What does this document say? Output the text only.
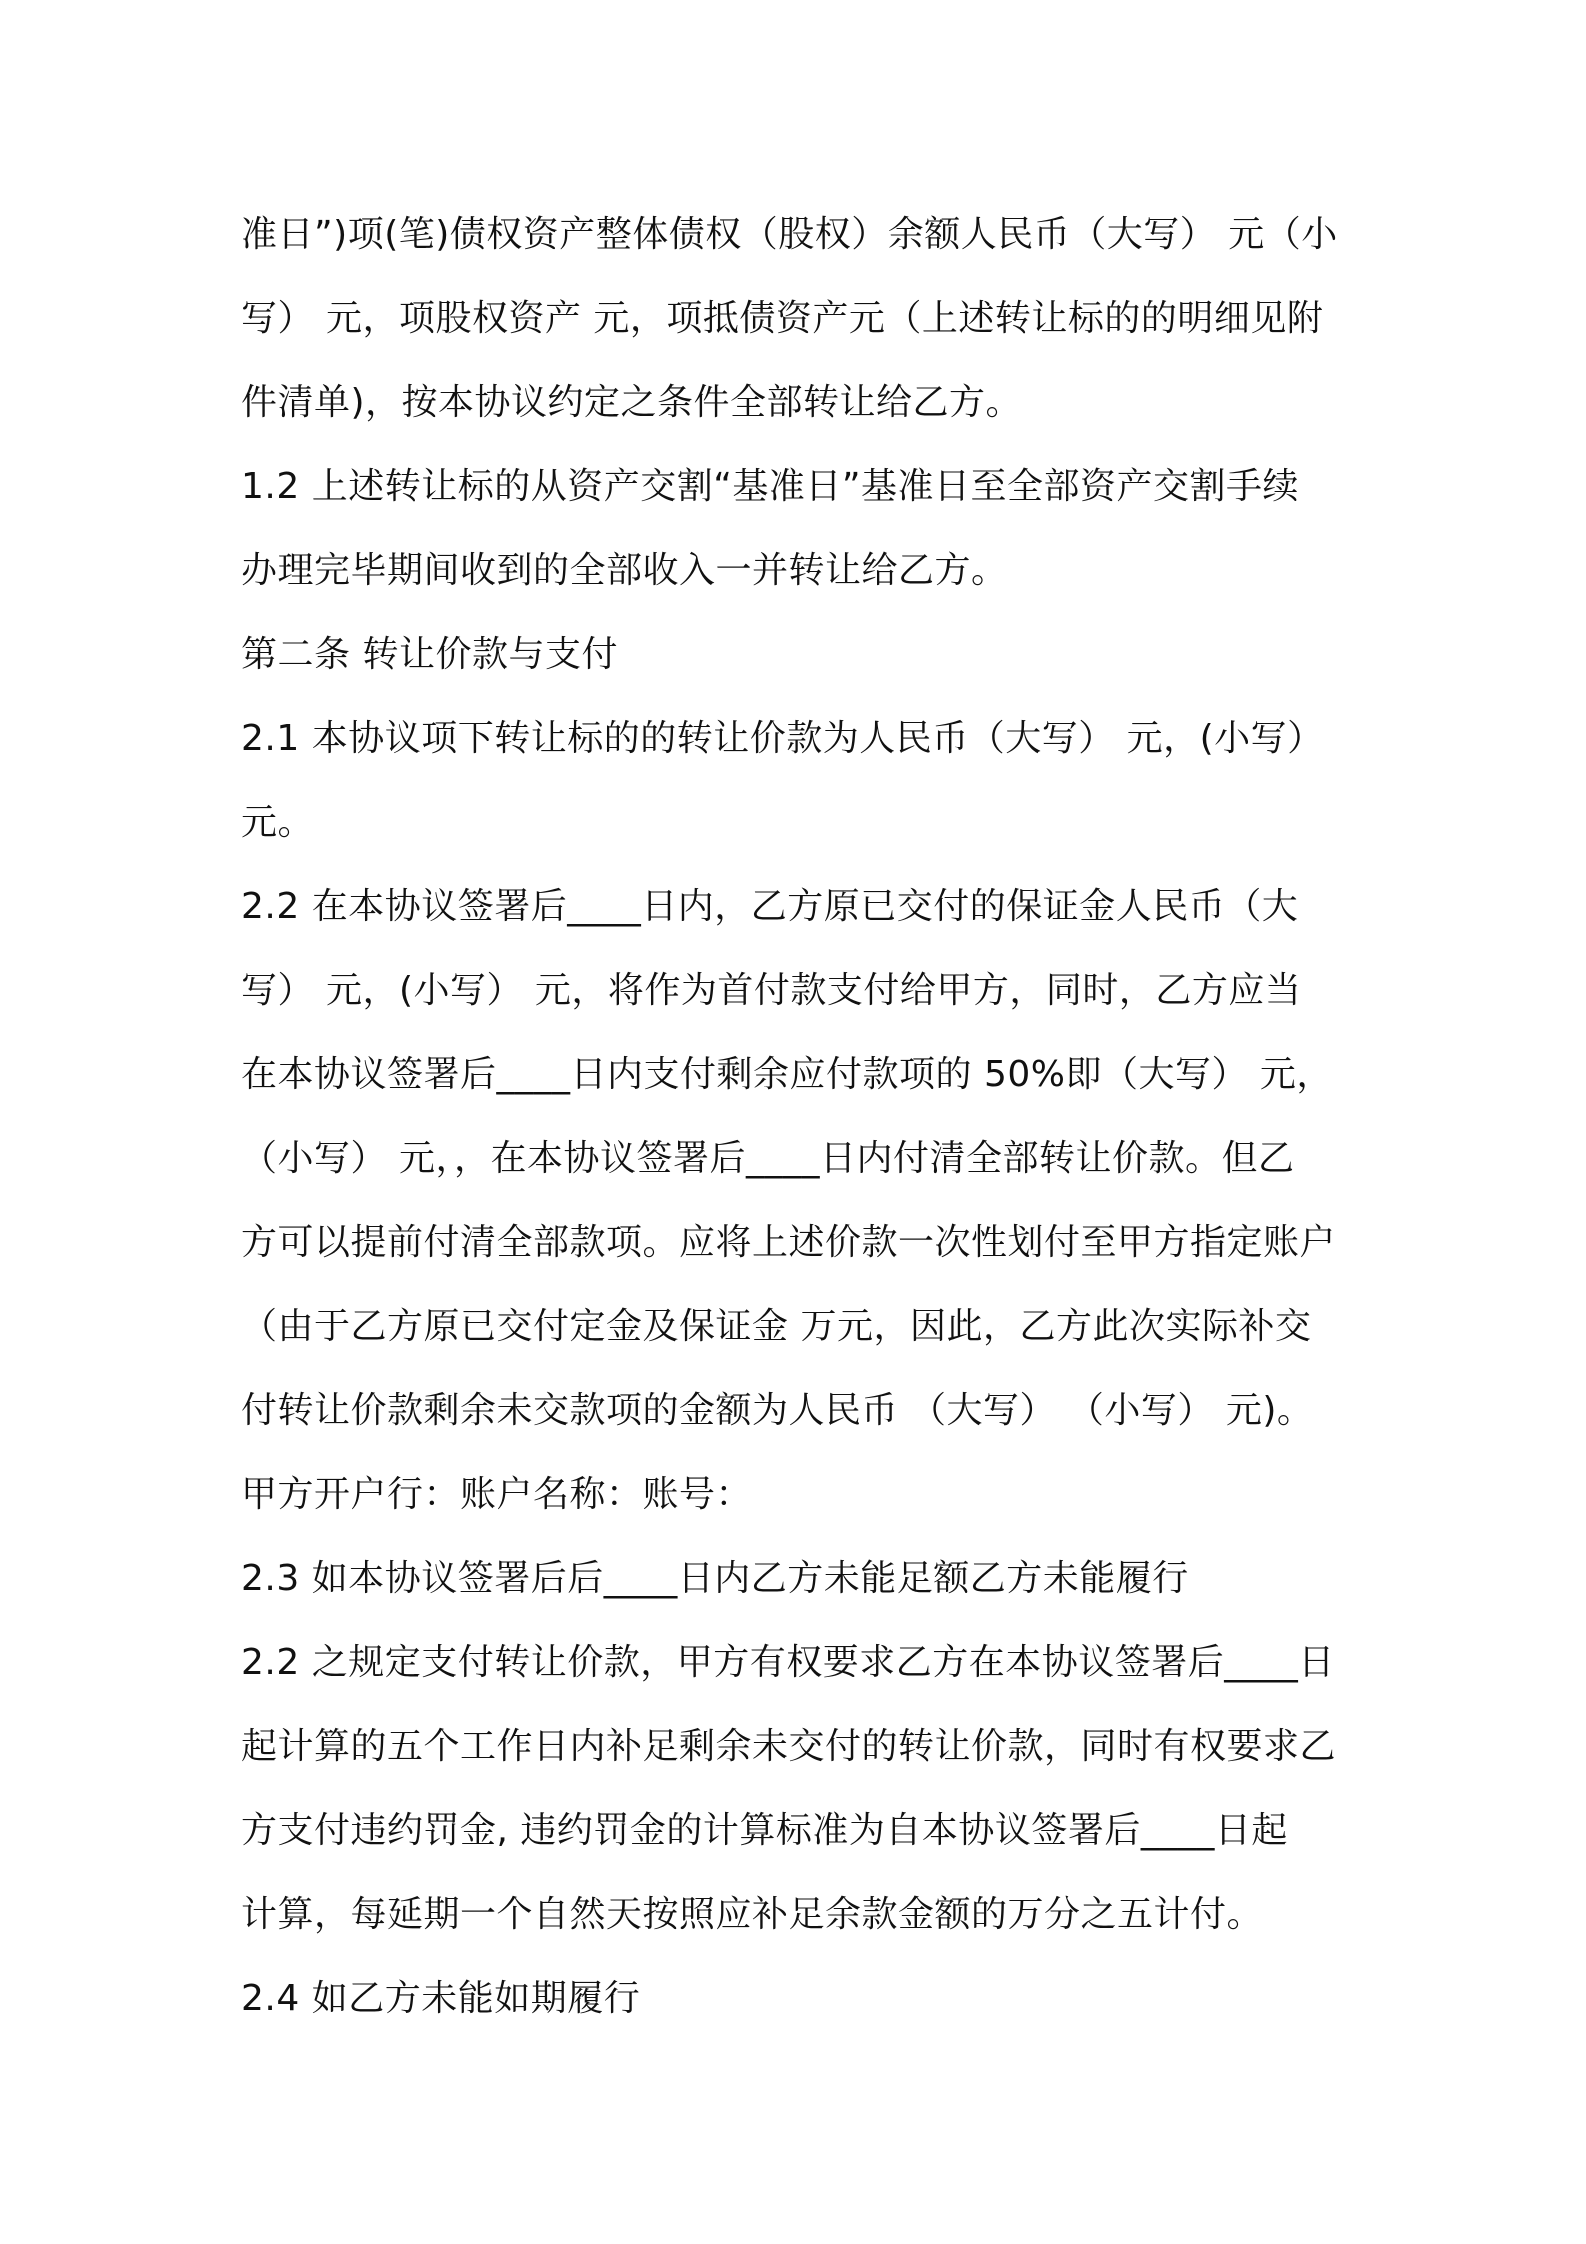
准日”)项(笔)债权资产整体债权（股权）余额人民币（大写） 元（小
写） 元，项股权资产 元，项抵债资产元（上述转让标的的明细见附
件清单)，按本协议约定之条件全部转让给乙方。
1.2 上述转让标的从资产交割“基准日”基准日至全部资产交割手续
办理完毕期间收到的全部收入一并转让给乙方。
第二条 转让价款与支付
2.1 本协议项下转让标的的转让价款为人民币（大写） 元，(小写）
元。
2.2 在本协议签署后____日内，乙方原已交付的保证金人民币（大
写） 元，(小写） 元，将作为首付款支付给甲方，同时，乙方应当
在本协议签署后____日内支付剩余应付款项的 50%即（大写） 元，
（小写） 元，，在本协议签署后____日内付清全部转让价款。但乙
方可以提前付清全部款项。应将上述价款一次性划付至甲方指定账户
（由于乙方原已交付定金及保证金 万元，因此，乙方此次实际补交
付转让价款剩余未交款项的金额为人民币 （大写） （小写） 元)。
甲方开户行：账户名称：账号：
2.3 如本协议签署后后____日内乙方未能足额乙方未能履行
2.2 之规定支付转让价款，甲方有权要求乙方在本协议签署后____日
起计算的五个工作日内补足剩余未交付的转让价款，同时有权要求乙
方支付违约罚金, 违约罚金的计算标准为自本协议签署后____日起
计算，每延期一个自然天按照应补足余款金额的万分之五计付。
2.4 如乙方未能如期履行
